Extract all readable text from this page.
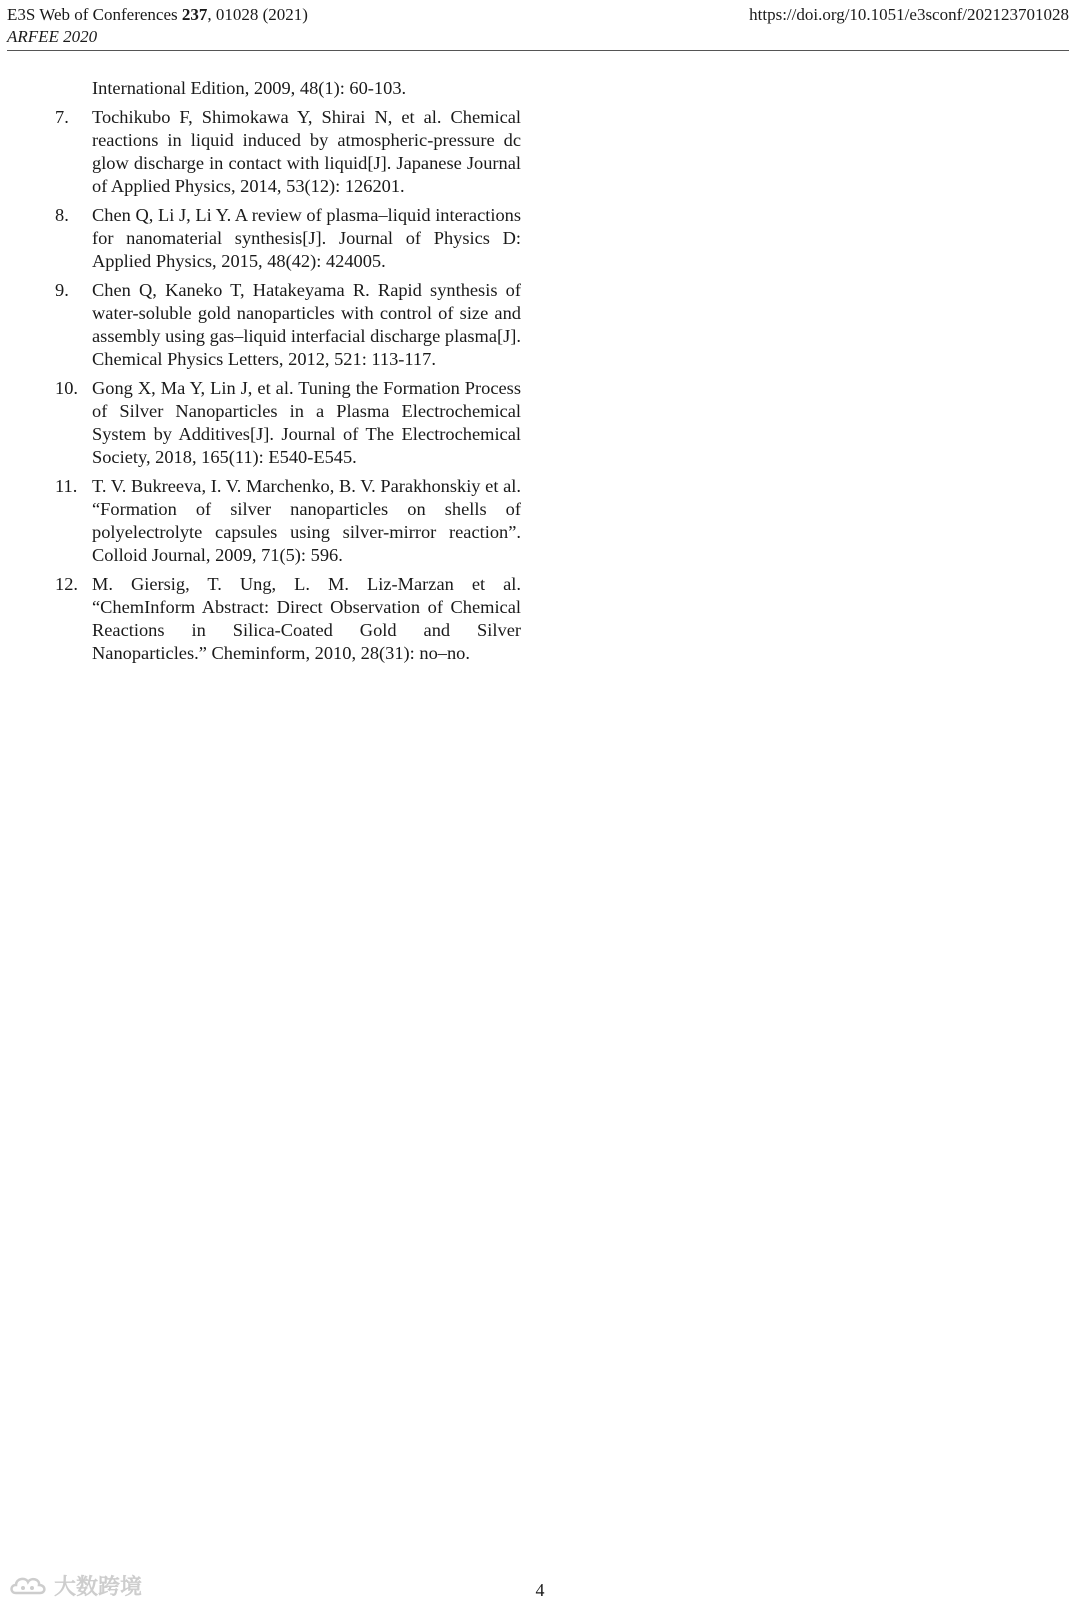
E3S Web of Conferences 237, 01028 (2021)
ARFEE 2020
https://doi.org/10.1051/e3sconf/202123701028
International Edition, 2009, 48(1): 60-103.
7. Tochikubo F, Shimokawa Y, Shirai N, et al. Chemical reactions in liquid induced by atmospheric-pressure dc glow discharge in contact with liquid[J]. Japanese Journal of Applied Physics, 2014, 53(12): 126201.
8. Chen Q, Li J, Li Y. A review of plasma–liquid interactions for nanomaterial synthesis[J]. Journal of Physics D: Applied Physics, 2015, 48(42): 424005.
9. Chen Q, Kaneko T, Hatakeyama R. Rapid synthesis of water-soluble gold nanoparticles with control of size and assembly using gas–liquid interfacial discharge plasma[J]. Chemical Physics Letters, 2012, 521: 113-117.
10. Gong X, Ma Y, Lin J, et al. Tuning the Formation Process of Silver Nanoparticles in a Plasma Electrochemical System by Additives[J]. Journal of The Electrochemical Society, 2018, 165(11): E540-E545.
11. T. V. Bukreeva, I. V. Marchenko, B. V. Parakhonskiy et al. “Formation of silver nanoparticles on shells of polyelectrolyte capsules using silver-mirror reaction”. Colloid Journal, 2009, 71(5): 596.
12. M. Giersig, T. Ung, L. M. Liz-Marzan et al. “ChemInform Abstract: Direct Observation of Chemical Reactions in Silica-Coated Gold and Silver Nanoparticles.” Cheminform, 2010, 28(31): no–no.
大数跨境	4
